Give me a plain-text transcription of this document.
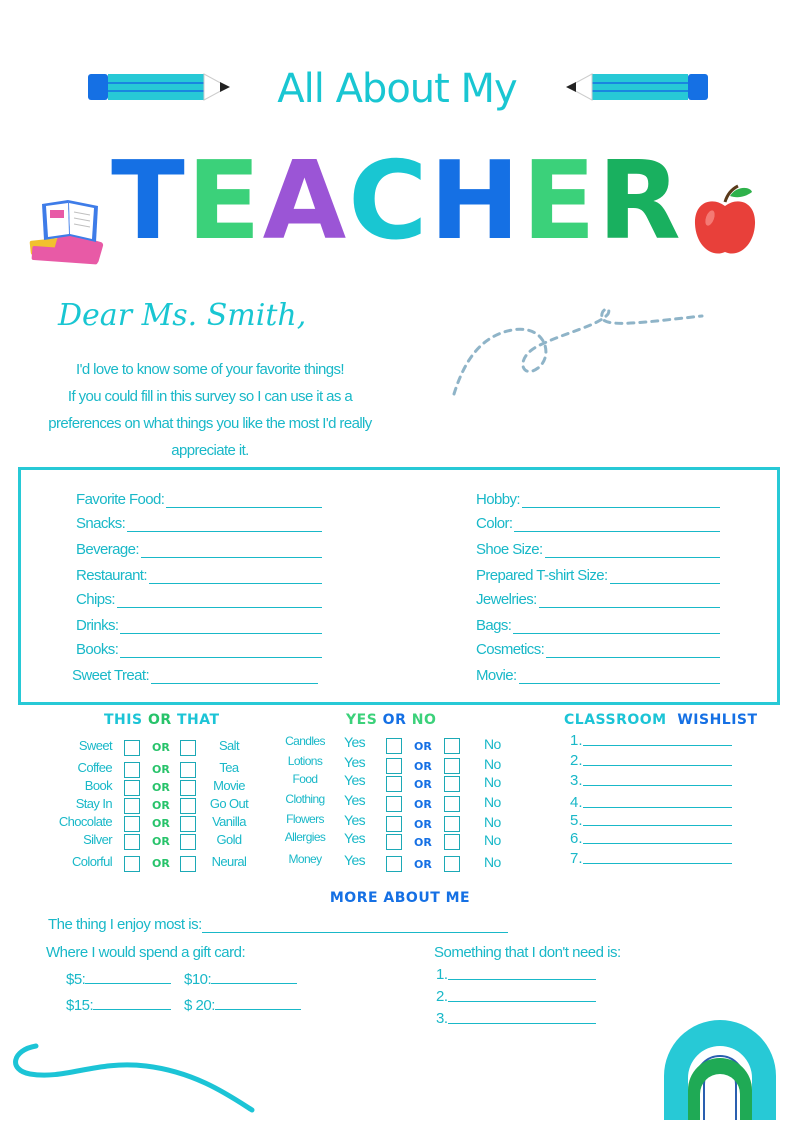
All About My
TEACHER
Dear Ms. Smith,
I'd love to know some of your favorite things!
If you could fill in this survey so I can use it as a
preferences on what things you like the most I'd really
appreciate it.
THIS OR THAT	YES OR NO	CLASSROOM WISHLIST
MORE ABOUT ME
The thing I enjoy most is:
Where I would spend a gift card:
$5:	$10:
$15:	$ 20:
Something that I don't need is:
Favorite Food:
Snacks:
Beverage:
Restaurant:
Chips:
Drinks:
Books:
Sweet Treat:
Hobby:
Color:
Shoe Size:
Prepared T-shirt Size:
Jewelries:
Bags:
Cosmetics:
Movie:
Sweet	OR	Salt
Coffee	OR	Tea
Book	OR	Movie
Stay In	OR	Go Out
Chocolate	OR	Vanilla
Silver	OR	Gold
Colorful	OR	Neural
Candles	Yes	OR	No
Lotions	Yes	OR	No
Food	Yes	OR	No
Clothing	Yes	OR	No
Flowers	Yes	OR	No
Allergies	Yes	OR	No
Money	Yes	OR	No
1.
2.
3.
4.
5.
6.
7.
1.
2.
3.
